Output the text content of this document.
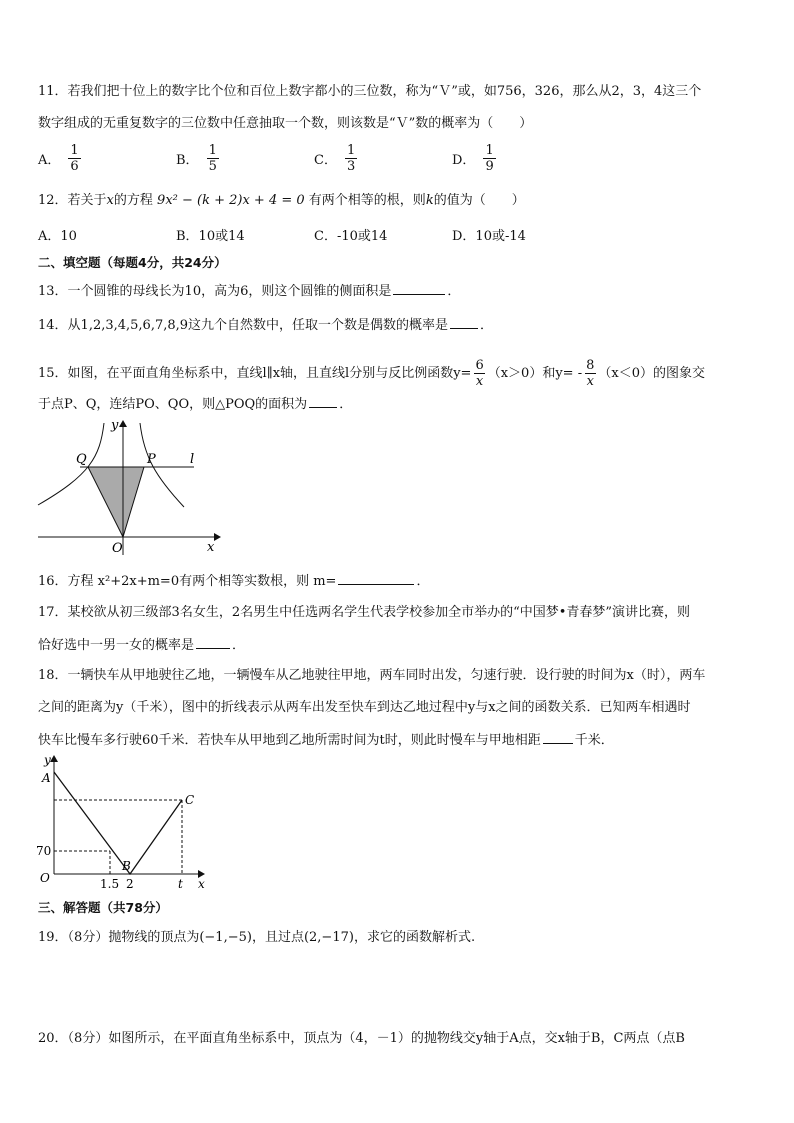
11．若我们把十位上的数字比个位和百位上数字都小的三位数，称为“Ｖ”或，如756，326，那么从2，3，4这三个
数字组成的无重复数字的三位数中任意抽取一个数，则该数是“Ｖ”数的概率为（　　）
A． $\frac{1}{6}$	B． $\frac{1}{5}$	C． $\frac{1}{3}$	D． $\frac{1}{9}$
12．若关于x的方程 9x² − (k + 2)x + 4 = 0 有两个相等的根，则k的值为（　　）
A．10	B．10或14	C．-10或14	D．10或-14
二、填空题（每题4分，共24分）
13．一个圆锥的母线长为10，高为6，则这个圆锥的侧面积是	．
14．从1,2,3,4,5,6,7,8,9这九个自然数中，任取一个数是偶数的概率是 ．
15．如图，在平面直角坐标系中，直线l∥x轴，且直线l分别与反比例函数$y= \frac{6}{x} (x>0)$和$y= - \frac{8}{x} (x<0)$的图象交
于点P、Q，连结PO、QO，则△POQ的面积为 ．
Q	P	l
y
x
O
16．方程 x²+2x+m=0有两个相等实数根，则 m=	．
17．某校欲从初三级部3名女生，2名男生中任选两名学生代表学校参加全市举办的“中国梦•青春梦”演讲比赛，则
恰好选中一男一女的概率是	．
18．一辆快车从甲地驶往乙地，一辆慢车从乙地驶往甲地，两车同时出发，匀速行驶．设行驶的时间为x（时），两车
之间的距离为y（千米），图中的折线表示从两车出发至快车到达乙地过程中y与x之间的函数关系．已知两车相遇时
快车比慢车多行驶60千米．若快车从甲地到乙地所需时间为t时，则此时慢车与甲地相距	千米．
y
A
C
70
O
B
1.5 2	t x
三、解答题（共78分）
19．（8分）抛物线的顶点为(−1,−5)，且过点(2,−17)，求它的函数解析式.
20．（8分）如图所示，在平面直角坐标系中，顶点为（4，－1）的抛物线交y轴于A点，交x轴于B，C两点（点B
